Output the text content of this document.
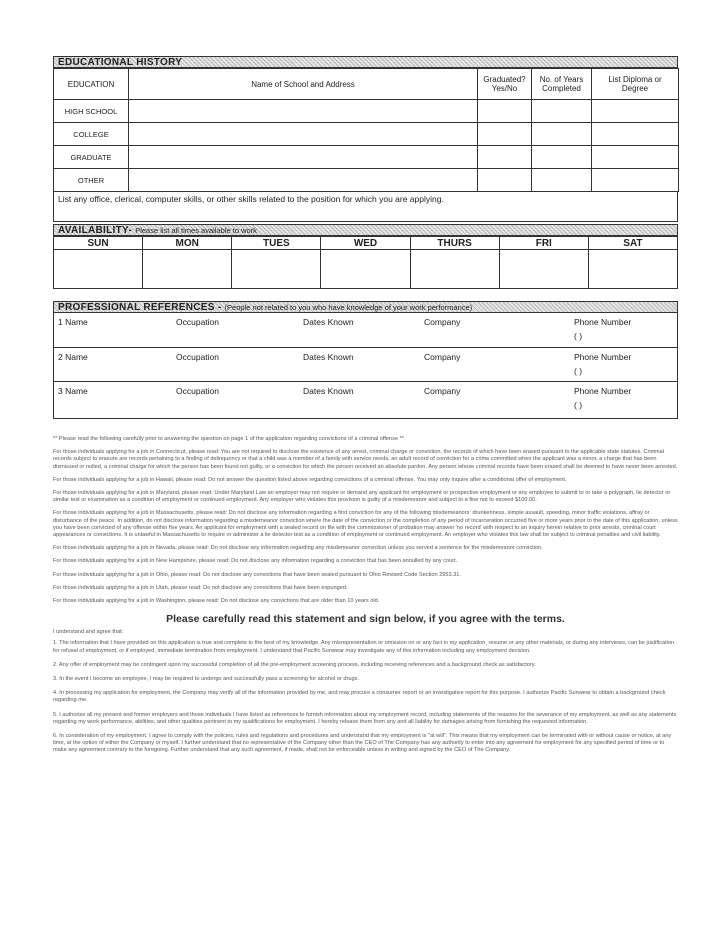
EDUCATIONAL HISTORY
EDUCATION	Name of School and Address	Graduated? Yes/No	No. of Years Completed	List Diploma or Degree
HIGH SCHOOL				
COLLEGE				
GRADUATE				
OTHER				
List any office, clerical, computer skills, or other skills related to the position for which you are applying.
AVAILABILITY- Please list all times available to work
SUN	MON	TUES	WED	THURS	FRI	SAT

PROFESSIONAL REFERENCES - (People not related to you who have knowledge of your work performance)
1 Name	Occupation	Dates Known	Company	Phone Number
( )
2 Name	Occupation	Dates Known	Company	Phone Number
( )
3 Name	Occupation	Dates Known	Company	Phone Number
( )

** Please read the following carefully prior to answering the question on page 1 of the application regarding convictions of a criminal offense **

For those individuals applying for a job in Connecticut, please read: You are not required to disclose the existence of any arrest, criminal charge or conviction, the records of which have been erased pursuant to the applicable state statutes. Criminal records subject to erasure are records pertaining to a finding of delinquency or that a child was a member of a family with service needs, an adult record of conviction for a crime committed when the applicant was a minor, a charge that has been dismissed or nolled, a criminal charge for which the person has been found not guilty, or a conviction for which the person received an absolute pardon. Any person whose criminal records have been erased shall be deemed to have never been arrested.

For those individuals applying for a job in Hawaii, please read: Do not answer the question listed above regarding convictions of a criminal offense. You may only inquire after a conditional offer of employment.

For those individuals applying for a job in Maryland, please read: Under Maryland Law an employer may not require or demand any applicant for employment or prospective employment or any employee to submit to or take a polygraph, lie detector or similar test or examination as a condition of employment or continued employment. Any employer who violates this provision is guilty of a misdemeanor and subject to a fine not to exceed $100.00.

For those individuals applying for a job in Massachusetts, please read: Do not disclose any information regarding a first conviction for any of the following misdemeanors: drunkenness, simple assault, speeding, minor traffic violations, affray or disturbance of the peace. In addition, do not disclose information regarding a misdemeanor conviction where the date of the conviction or the completion of any period of incarceration occurred five or more years prior to the date of this application, unless you have been convicted of any offense within five years. An applicant for employment with a sealed record on file with the commissioner of probation may answer 'no record' with respect to an inquiry herein relative to prior arrests, criminal court appearances or convictions. It is unlawful in Massachusetts to require or administer a lie detector test as a condition of employment or continued employment. An employer who violates this law shall be subject to criminal penalties and civil liability.

For those individuals applying for a job in Nevada, please read: Do not disclose any information regarding any misdemeanor conviction unless you served a sentence for the misdemeanor conviction.

For those individuals applying for a job in New Hampshire, please read: Do not disclose any information regarding a conviction that has been annulled by any court.

For those individuals applying for a job in Ohio, please read: Do not disclose any convictions that have been sealed pursuant to Ohio Revised Code Section 2953.31.

For those individuals applying for a job in Utah, please read: Do not disclose any convictions that have been expunged.

For those individuals applying for a job in Washington, please read: Do not disclose any convictions that are older than 10 years old.

Please carefully read this statement and sign below, if you agree with the terms.

I understand and agree that:

1. The information that I have provided on this application is true and complete to the best of my knowledge. Any misrepresentation or omission on or any fact in my application, resume or any other materials, or during any interviews, can be justification for refusal of employment, or if employed, immediate termination from employment. I understand that Pacific Sunwear may investigate any of this information including any employment decision.

2. Any offer of employment may be contingent upon my successful completion of all the pre-employment screening process, including receiving references and a background check as satisfactory.

3. In the event I become an employee, I may be required to undergo and successfully pass a screening for alcohol or drugs.

4. In processing my application for employment, the Company may verify all of the information provided by me, and may procure a consumer report or an investigative report for this purpose. I authorize Pacific Sunwear to obtain a background check regarding me.

5. I authorize all my present and former employers and those individuals I have listed as references to furnish information about my employment record, including statements of the reasons for the severance of my employment, as well as any statements regarding my work performance, abilities, and other qualities pertinent to my qualifications for employment. I hereby release them from any and all liability for damages arising from furnishing the requested information.

6. In consideration of my employment, I agree to comply with the policies, rules and regulations and procedures and understand that my employment is "at will". This means that my employment can be terminated with or without cause or notice, at any time, at the option of either the Company or myself. I further understand that no representative of the Company other than the CEO of The Company has any authority to enter into any agreement for employment for any specified period of time or to make any agreement contrary to the foregoing. Further understand that any such agreement, if made, shall not be enforceable unless in writing and signed by the CEO of The Company.
